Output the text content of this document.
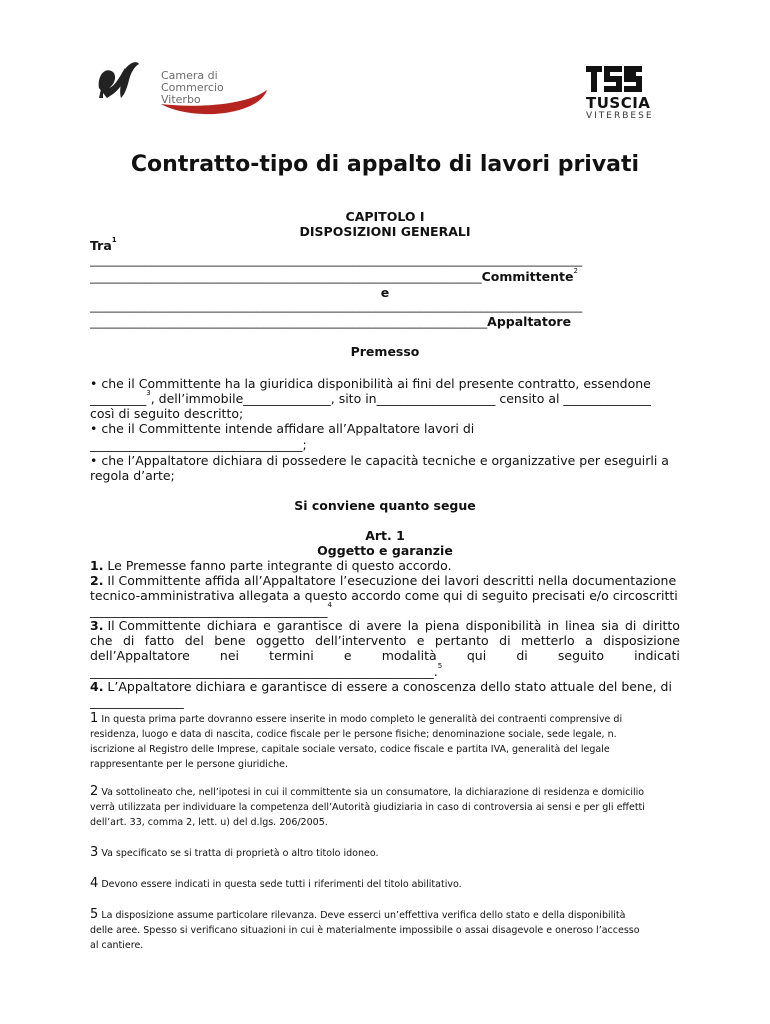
Camera di Commercio
Viterbo	TUSCIA
VITERBESE
Contratto-tipo di appalto di lavori privati
CAPITOLO I
DISPOSIZIONI GENERALI
Tra$^1$
________________________________________________________________________________________
______________________________________________________________________Committente$^2$
e
________________________________________________________________________________________
_______________________________________________________________________Appaltatore
Premesso
• che il Committente ha la giuridica disponibilità ai fini del presente contratto, essendone
_________$^3$, dell’immobile______________, sito in___________________ censito al ______________
così di seguito descritto;
• che il Committente intende affidare all’Appaltatore lavori di
__________________________________;
• che l’Appaltatore dichiara di possedere le capacità tecniche e organizzative per eseguirli a
regola d’arte;
Si conviene quanto segue
Art. 1
Oggetto e garanzie
1. Le Premesse fanno parte integrante di questo accordo.
2. Il Committente affida all’Appaltatore l’esecuzione dei lavori descritti nella documentazione
tecnico-amministrativa allegata a questo accordo come qui di seguito precisati e/o circoscritti
______________________________________$^4$
3. Il Committente dichiara e garantisce di avere la piena disponibilità in linea sia di diritto
che di fatto del bene oggetto dell’intervento e pertanto di metterlo a disposizione
dell’Appaltatore nei termini e modalità qui di seguito indicati
_______________________________________________________.$^5$
4. L’Appaltatore dichiara e garantisce di essere a conoscenza dello stato attuale del bene, di
_______________
1 In questa prima parte dovranno essere inserite in modo completo le generalità dei contraenti comprensive di
residenza, luogo e data di nascita, codice fiscale per le persone fisiche; denominazione sociale, sede legale, n.
iscrizione al Registro delle Imprese, capitale sociale versato, codice fiscale e partita IVA, generalità del legale
rappresentante per le persone giuridiche.
2 Va sottolineato che, nell’ipotesi in cui il committente sia un consumatore, la dichiarazione di residenza e domicilio
verrà utilizzata per individuare la competenza dell’Autorità giudiziaria in caso di controversia ai sensi e per gli effetti
dell’art. 33, comma 2, lett. u) del d.lgs. 206/2005.
3 Va specificato se si tratta di proprietà o altro titolo idoneo.
4 Devono essere indicati in questa sede tutti i riferimenti del titolo abilitativo.
5 La disposizione assume particolare rilevanza. Deve esserci un’effettiva verifica dello stato e della disponibilità
delle aree. Spesso si verificano situazioni in cui è materialmente impossibile o assai disagevole e oneroso l’accesso
al cantiere.
